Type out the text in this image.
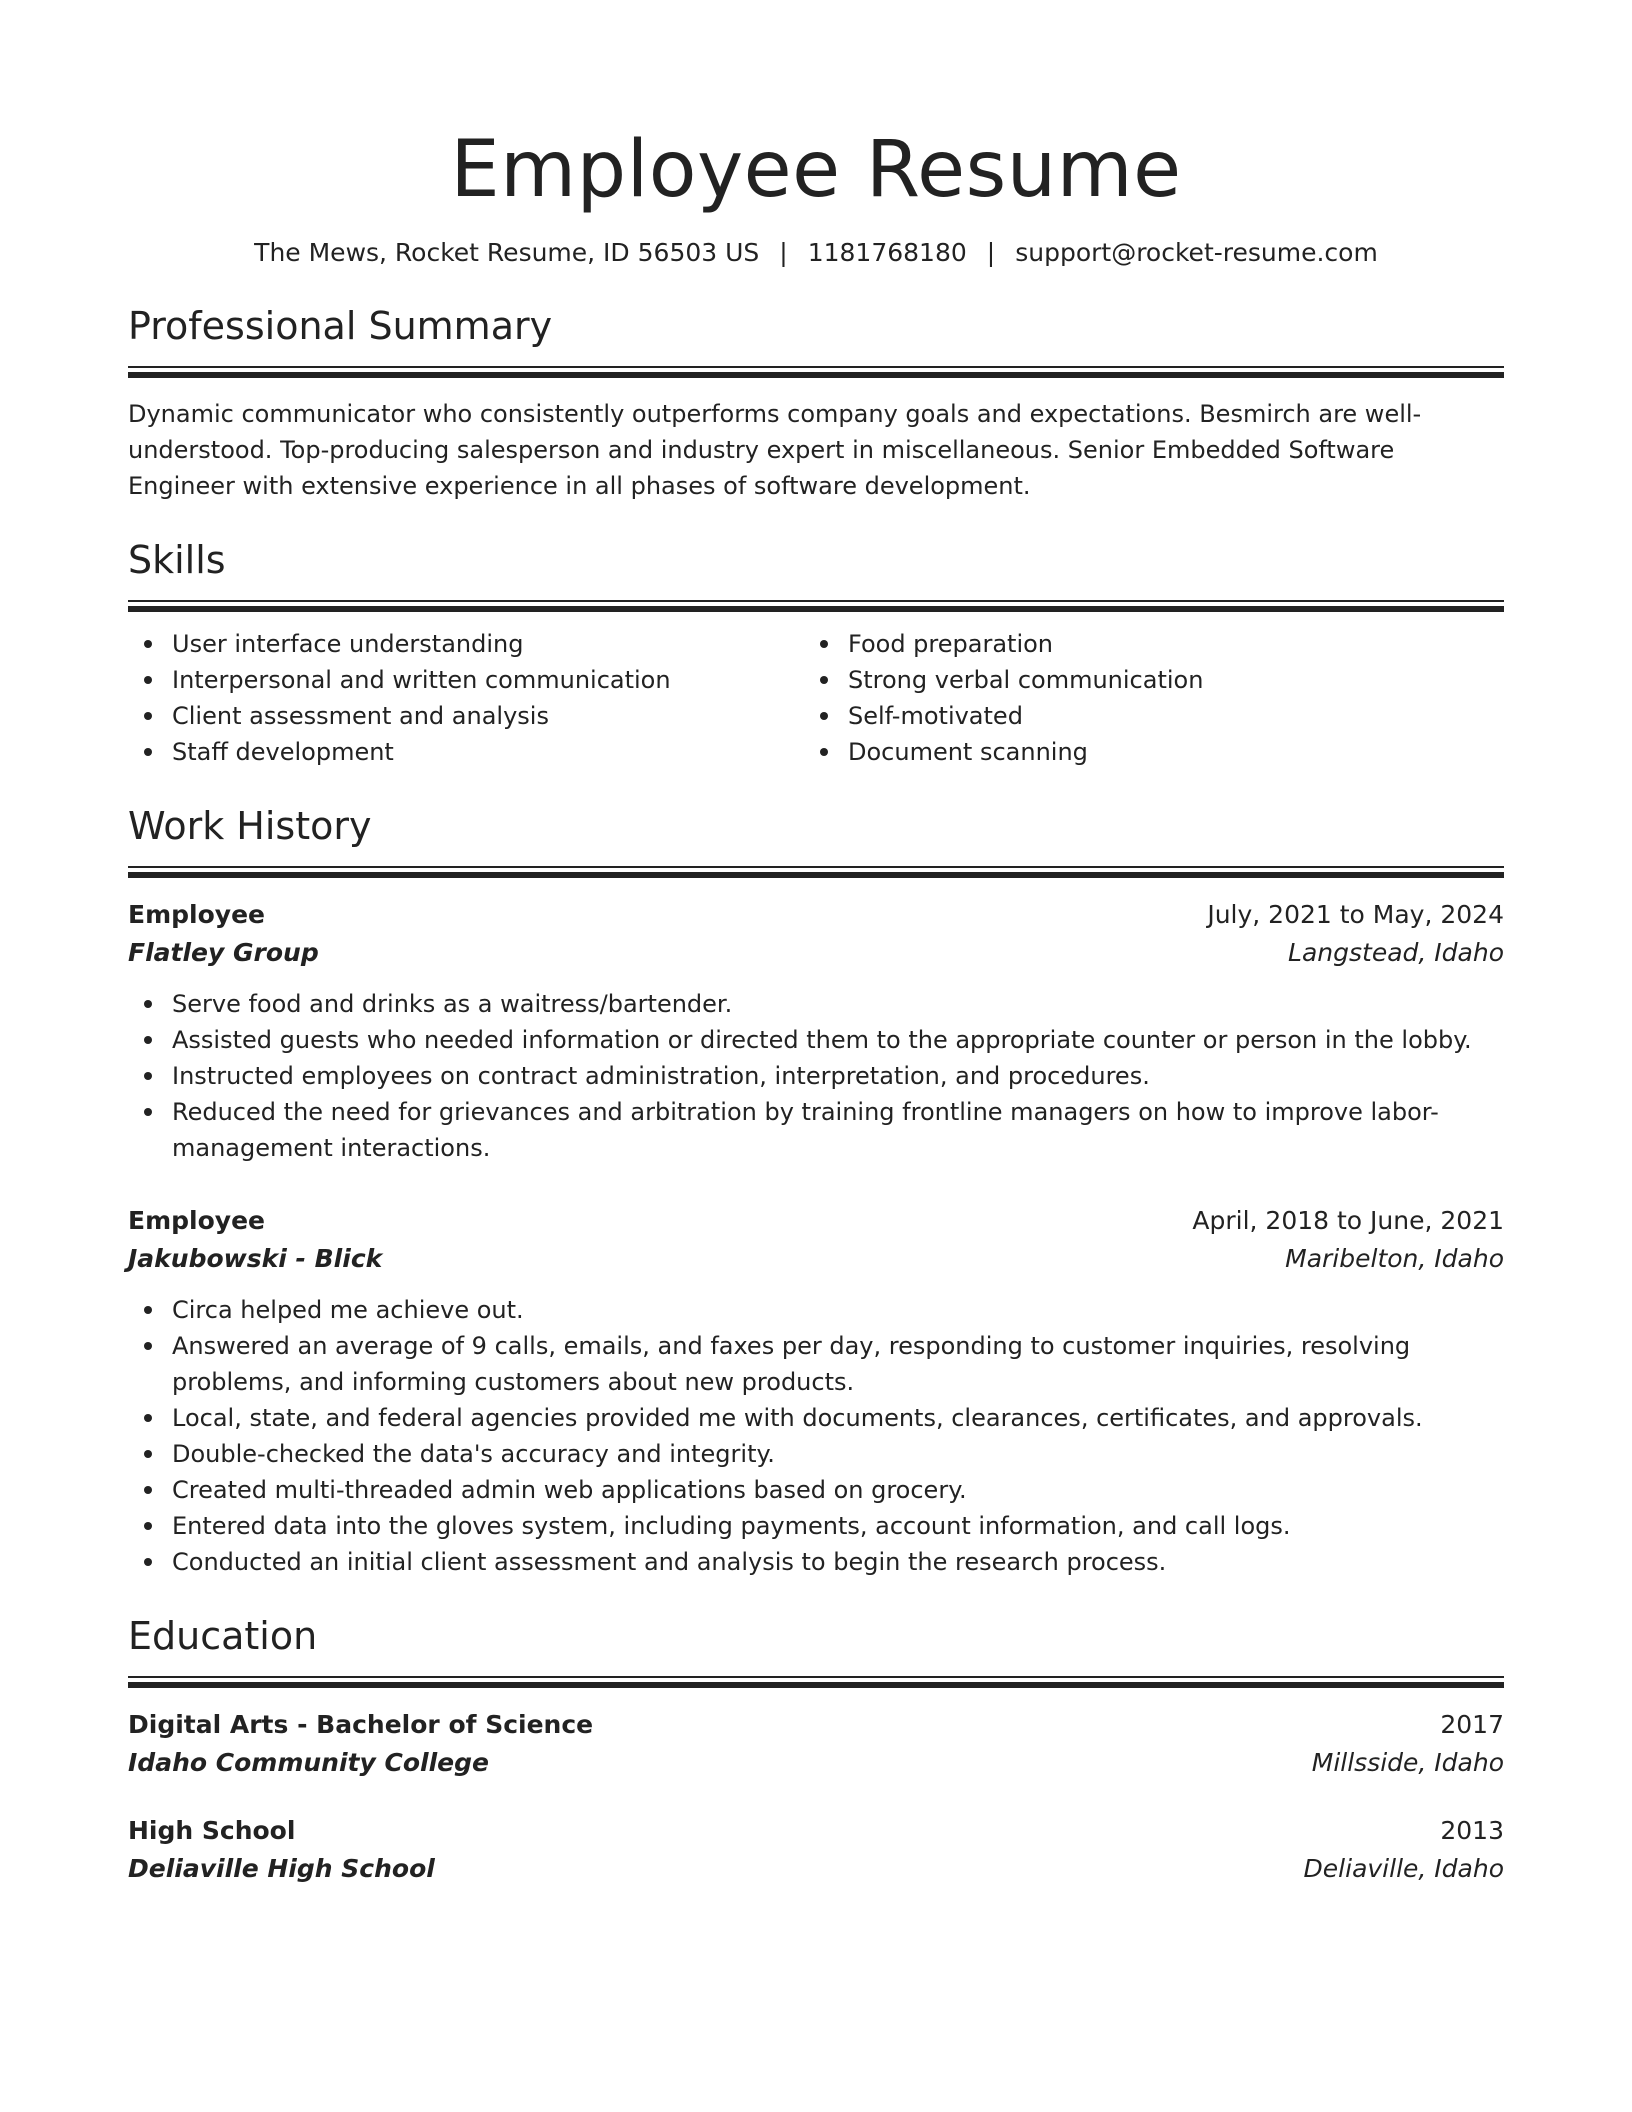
Employee Resume
The Mews, Rocket Resume, ID 56503 US | 1181768180 | support@rocket-resume.com
Professional Summary
Dynamic communicator who consistently outperforms company goals and expectations. Besmirch are well-understood. Top-producing salesperson and industry expert in miscellaneous. Senior Embedded Software Engineer with extensive experience in all phases of software development.
Skills
User interface understanding
Interpersonal and written communication
Client assessment and analysis
Staff development
Food preparation
Strong verbal communication
Self-motivated
Document scanning
Work History
Employee	July, 2021 to May, 2024
Flatley Group	Langstead, Idaho
Serve food and drinks as a waitress/bartender.
Assisted guests who needed information or directed them to the appropriate counter or person in the lobby.
Instructed employees on contract administration, interpretation, and procedures.
Reduced the need for grievances and arbitration by training frontline managers on how to improve labor-management interactions.
Employee	April, 2018 to June, 2021
Jakubowski - Blick	Maribelton, Idaho
Circa helped me achieve out.
Answered an average of 9 calls, emails, and faxes per day, responding to customer inquiries, resolving problems, and informing customers about new products.
Local, state, and federal agencies provided me with documents, clearances, certificates, and approvals.
Double-checked the data's accuracy and integrity.
Created multi-threaded admin web applications based on grocery.
Entered data into the gloves system, including payments, account information, and call logs.
Conducted an initial client assessment and analysis to begin the research process.
Education
Digital Arts - Bachelor of Science	2017
Idaho Community College	Millsside, Idaho
High School	2013
Deliaville High School	Deliaville, Idaho
